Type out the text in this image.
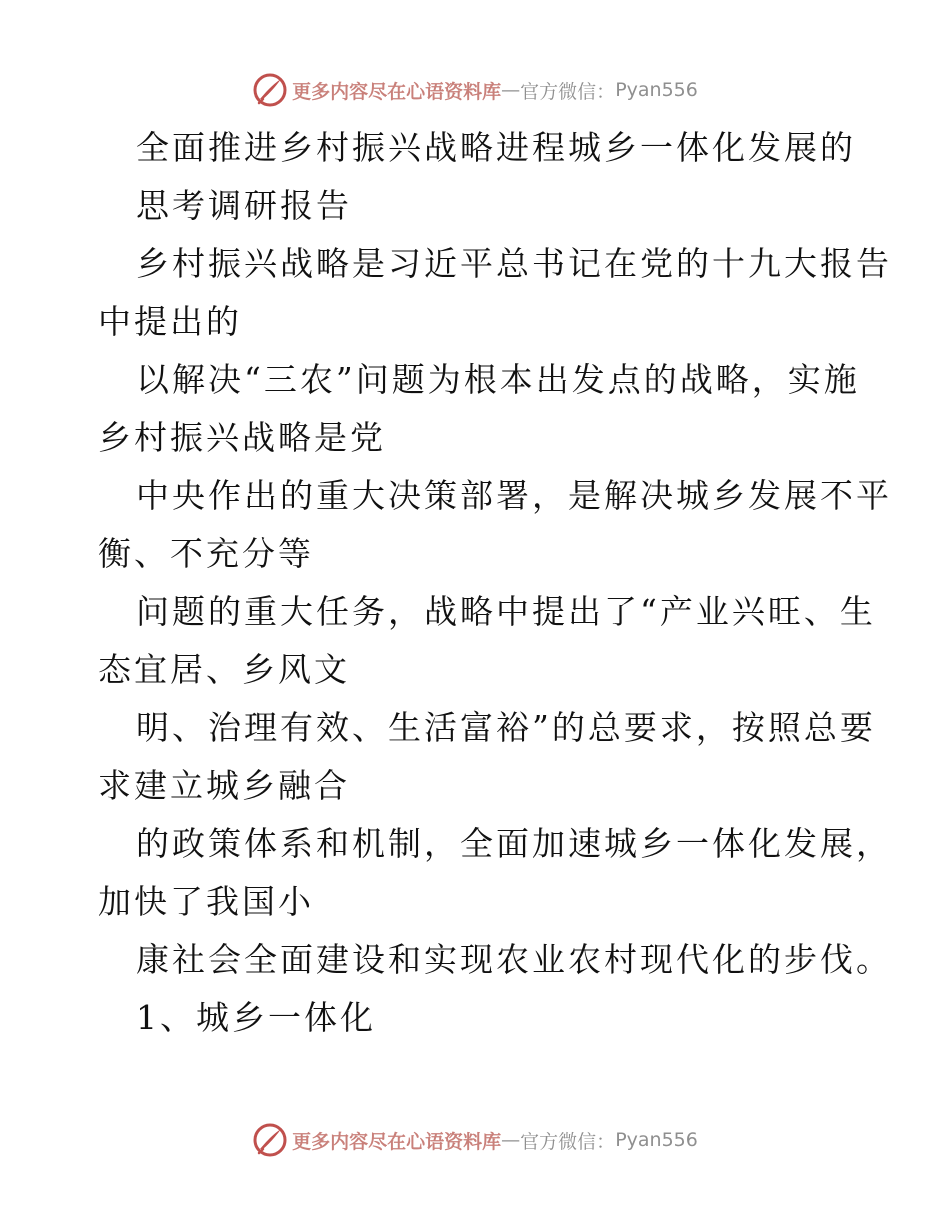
更多内容尽在心语资料库 — 官方微信： Pyan556
全面推进乡村振兴战略进程城乡一体化发展的
思考调研报告
乡村振兴战略是习近平总书记在党的十九大报告
中提出的
以解决“三农”问题为根本出发点的战略，实施
乡村振兴战略是党
中央作出的重大决策部署，是解决城乡发展不平
衡、不充分等
问题的重大任务，战略中提出了“产业兴旺、生
态宜居、乡风文
明、治理有效、生活富裕”的总要求，按照总要
求建立城乡融合
的政策体系和机制，全面加速城乡一体化发展，
加快了我国小
康社会全面建设和实现农业农村现代化的步伐。
1、城乡一体化
更多内容尽在心语资料库 — 官方微信： Pyan556
